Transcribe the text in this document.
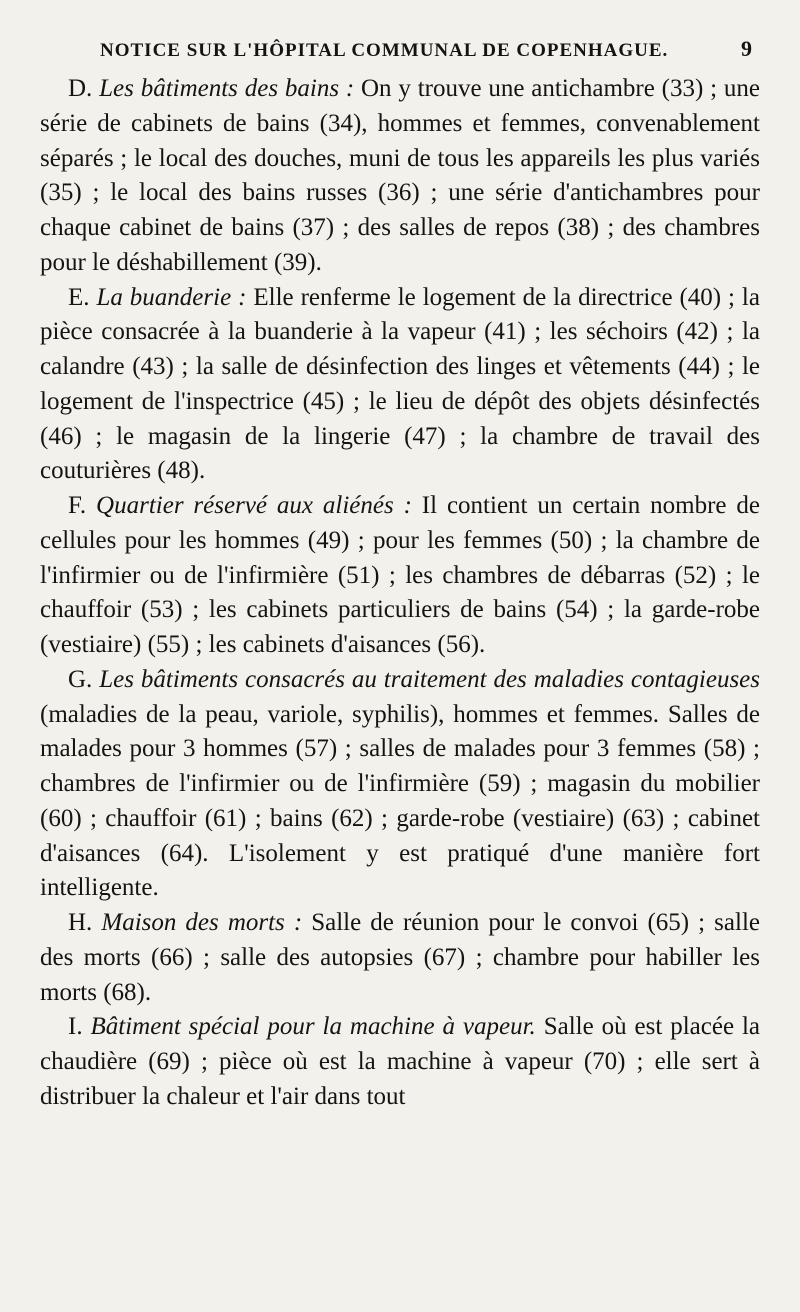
NOTICE SUR L'HÔPITAL COMMUNAL DE COPENHAGUE.	9

D. Les bâtiments des bains : On y trouve une antichambre (33) ; une série de cabinets de bains (34), hommes et femmes, convenablement séparés ; le local des douches, muni de tous les appareils les plus variés (35) ; le local des bains russes (36) ; une série d'antichambres pour chaque cabinet de bains (37) ; des salles de repos (38) ; des chambres pour le déshabillement (39).

E. La buanderie : Elle renferme le logement de la directrice (40) ; la pièce consacrée à la buanderie à la vapeur (41) ; les séchoirs (42) ; la calandre (43) ; la salle de désinfection des linges et vêtements (44) ; le logement de l'inspectrice (45) ; le lieu de dépôt des objets désinfectés (46) ; le magasin de la lingerie (47) ; la chambre de travail des couturières (48).

F. Quartier réservé aux aliénés : Il contient un certain nombre de cellules pour les hommes (49) ; pour les femmes (50) ; la chambre de l'infirmier ou de l'infirmière (51) ; les chambres de débarras (52) ; le chauffoir (53) ; les cabinets particuliers de bains (54) ; la garde-robe (vestiaire) (55) ; les cabinets d'aisances (56).

G. Les bâtiments consacrés au traitement des maladies contagieuses (maladies de la peau, variole, syphilis), hommes et femmes. Salles de malades pour 3 hommes (57) ; salles de malades pour 3 femmes (58) ; chambres de l'infirmier ou de l'infirmière (59) ; magasin du mobilier (60) ; chauffoir (61) ; bains (62) ; garde-robe (vestiaire) (63) ; cabinet d'aisances (64). L'isolement y est pratiqué d'une manière fort intelligente.

H. Maison des morts : Salle de réunion pour le convoi (65) ; salle des morts (66) ; salle des autopsies (67) ; chambre pour habiller les morts (68).

I. Bâtiment spécial pour la machine à vapeur. Salle où est placée la chaudière (69) ; pièce où est la machine à vapeur (70) ; elle sert à distribuer la chaleur et l'air dans tout
